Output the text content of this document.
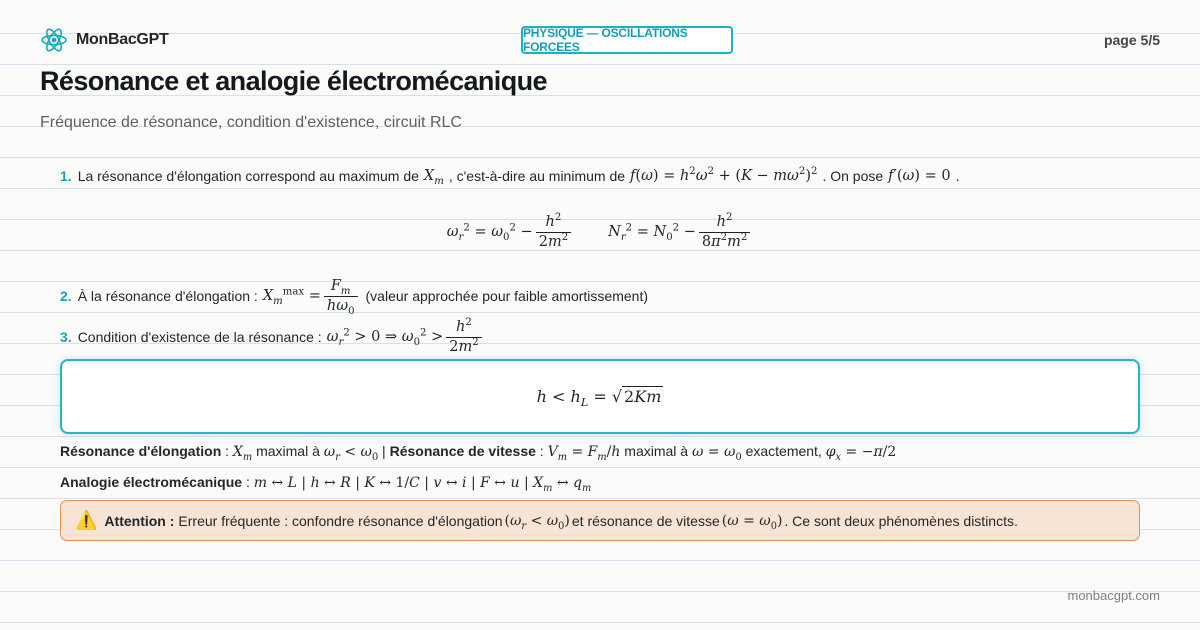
MonBacGPT	PHYSIQUE — OSCILLATIONS FORCEES	page 5/5
Résonance et analogie électromécanique
Fréquence de résonance, condition d'existence, circuit RLC
1. La résonance d'élongation correspond au maximum de $X_m$ , c'est-à-dire au minimum de $f(\omega) = h^2\omega^2 + (K - m\omega^2)^2$ . On pose f′(ω) = 0 .
$\omega_r^2 = \omega_0^2 - \frac{h^2}{2m^2}$	$N_r^2 = N_0^2 - \frac{h^2}{8\pi^2m^2}$
2. À la résonance d'élongation : $X_m^{max} = \frac{F_m}{h\omega_0}$ (valeur approchée pour faible amortissement)
3. Condition d'existence de la résonance : $\omega_r^2 > 0$ ⇒ $\omega_0^2 > \frac{h^2}{2m^2}$
$h < h_L$ = √ 2Km
Résonance d'élongation : $X_m$ maximal à $\omega_r < \omega_0$ | Résonance de vitesse : $V_m = F_m/h$ maximal à $\omega = \omega_0$ exactement, $\varphi_x = -\pi/2$
Analogie électromécanique : m ↔ L | h ↔ R | K ↔ 1/C | v ↔ i | F ↔ u | $X_m$ ↔ $q_m$
⚠️ Attention : Erreur fréquente : confondre résonance d'élongation $(\omega_r < \omega_0)$ et résonance de vitesse $(\omega = \omega_0)$ . Ce sont deux phénomènes distincts.
monbacgpt.com
